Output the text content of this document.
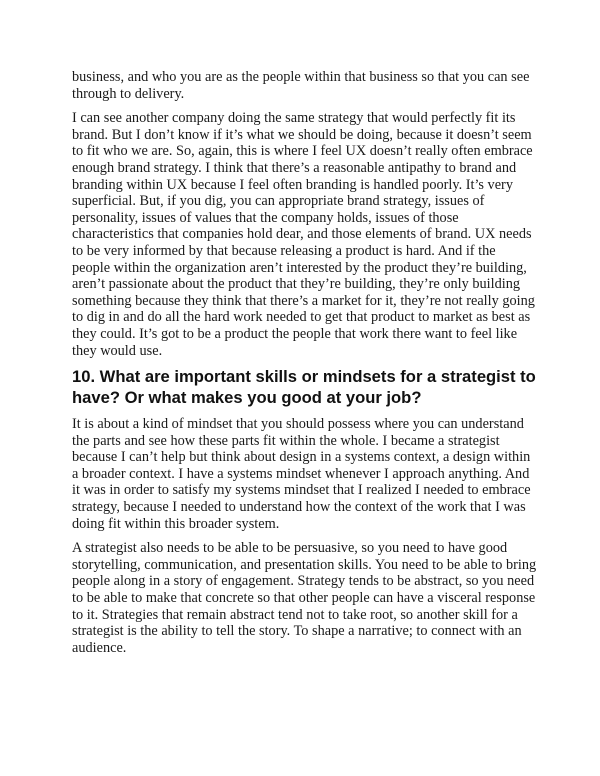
business, and who you are as the people within that business so that you can see
through to delivery.

I can see another company doing the same strategy that would perfectly fit its
brand. But I don’t know if it’s what we should be doing, because it doesn’t seem
to fit who we are. So, again, this is where I feel UX doesn’t really often embrace
enough brand strategy. I think that there’s a reasonable antipathy to brand and
branding within UX because I feel often branding is handled poorly. It’s very
superficial. But, if you dig, you can appropriate brand strategy, issues of
personality, issues of values that the company holds, issues of those
characteristics that companies hold dear, and those elements of brand. UX needs
to be very informed by that because releasing a product is hard. And if the
people within the organization aren’t interested by the product they’re building,
aren’t passionate about the product that they’re building, they’re only building
something because they think that there’s a market for it, they’re not really going
to dig in and do all the hard work needed to get that product to market as best as
they could. It’s got to be a product the people that work there want to feel like
they would use.

10. What are important skills or mindsets for a strategist to
have? Or what makes you good at your job?

It is about a kind of mindset that you should possess where you can understand
the parts and see how these parts fit within the whole. I became a strategist
because I can’t help but think about design in a systems context, a design within
a broader context. I have a systems mindset whenever I approach anything. And
it was in order to satisfy my systems mindset that I realized I needed to embrace
strategy, because I needed to understand how the context of the work that I was
doing fit within this broader system.

A strategist also needs to be able to be persuasive, so you need to have good
storytelling, communication, and presentation skills. You need to be able to bring
people along in a story of engagement. Strategy tends to be abstract, so you need
to be able to make that concrete so that other people can have a visceral response
to it. Strategies that remain abstract tend not to take root, so another skill for a
strategist is the ability to tell the story. To shape a narrative; to connect with an
audience.
